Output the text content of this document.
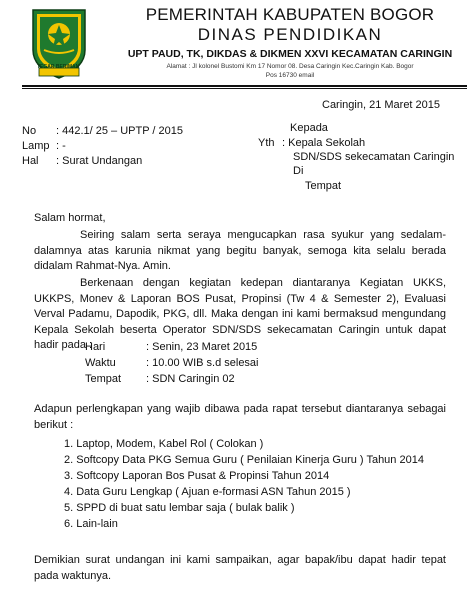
TEGAR BERIMAN
PEMERINTAH KABUPATEN BOGOR
DINAS PENDIDIKAN
UPT PAUD, TK, DIKDAS & DIKMEN XXVI KECAMATAN CARINGIN
Alamat : Jl kolonel Bustomi Km 17 Nomor 08. Desa Caringin Kec.Caringin Kab. Bogor
Pos 16730 email
Caringin, 21 Maret 2015
No : 442.1/ 25 – UPTP / 2015
Lamp : -
Hal : Surat Undangan
Kepada
Yth : Kepala Sekolah
SDN/SDS sekecamatan Caringin
Di
Tempat
Salam hormat,
Seiring salam serta seraya mengucapkan rasa syukur yang sedalam-dalamnya atas karunia nikmat yang begitu banyak, semoga kita selalu berada didalam Rahmat-Nya. Amin.
Berkenaan dengan kegiatan kedepan diantaranya Kegiatan UKKS, UKKPS, Monev & Laporan BOS Pusat, Propinsi (Tw 4 & Semester 2), Evaluasi Verval Padamu, Dapodik, PKG, dll. Maka dengan ini kami bermaksud mengundang Kepala Sekolah beserta Operator SDN/SDS sekecamatan Caringin untuk dapat hadir pada :
Hari	: Senin, 23 Maret 2015
Waktu	: 10.00 WIB s.d selesai
Tempat : SDN Caringin 02
Adapun perlengkapan yang wajib dibawa pada rapat tersebut diantaranya sebagai berikut :
1. Laptop, Modem, Kabel Rol ( Colokan )
2. Softcopy Data PKG Semua Guru ( Penilaian Kinerja Guru ) Tahun 2014
3. Softcopy Laporan Bos Pusat & Propinsi Tahun 2014
4. Data Guru Lengkap ( Ajuan e-formasi ASN Tahun 2015 )
5. SPPD di buat satu lembar saja ( bulak balik )
6. Lain-lain
Demikian surat undangan ini kami sampaikan, agar bapak/ibu dapat hadir tepat pada waktunya.
